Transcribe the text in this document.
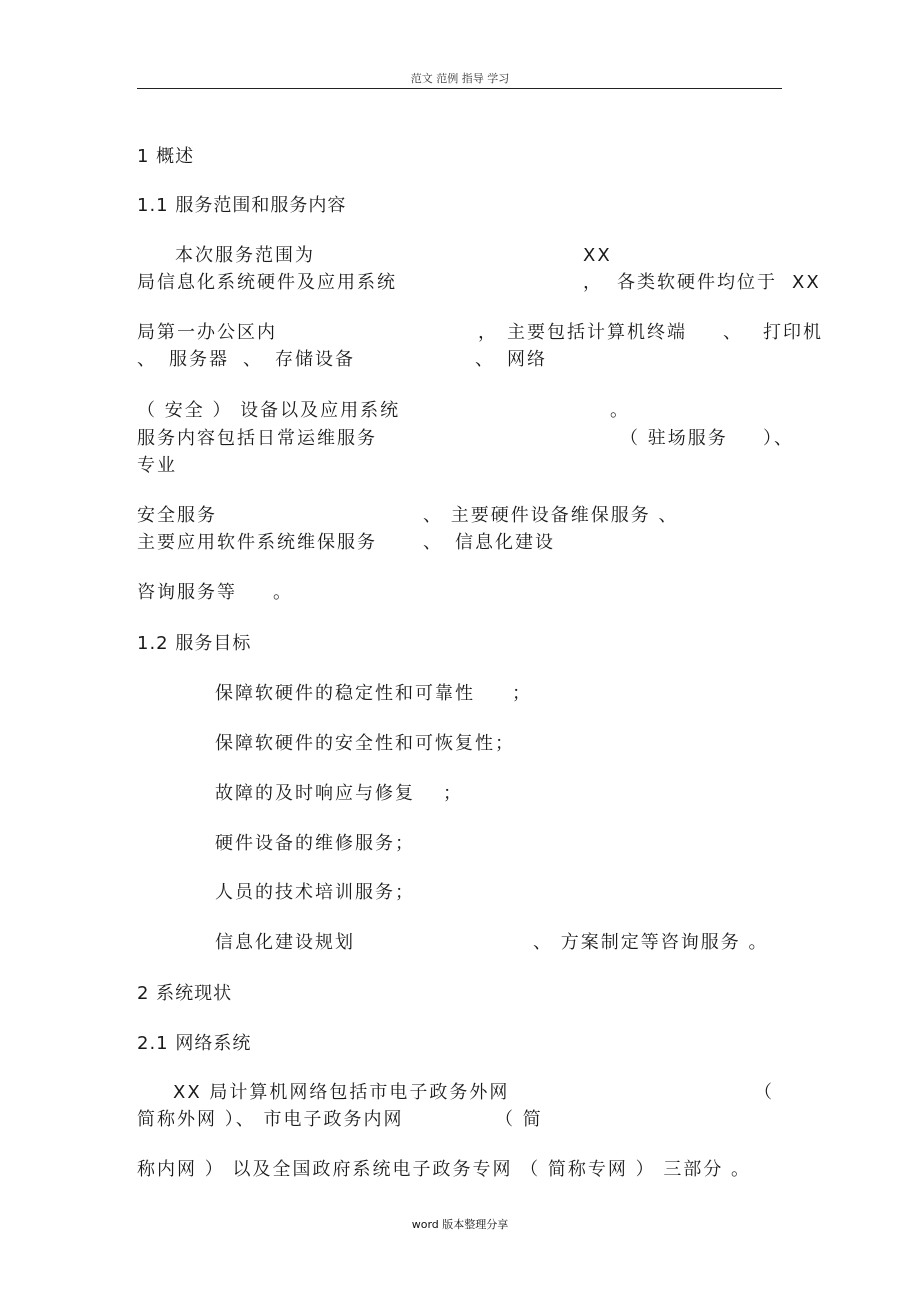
范文 范例 指导 学习
1 概述
1.1 服务范围和服务内容
本次服务范围为	XX
局信息化系统硬件及应用系统	， 各类软硬件均位于 XX
局第一办公区内	， 主要包括计算机终端 、 打印机
、 服务器 、 存储设备	、 网络
（ 安全 ） 设备以及应用系统	。
服务内容包括日常运维服务	（ 驻场服务 ）、
专业
安全服务	、 主要硬件设备维保服务 、
主要应用软件系统维保服务	、 信息化建设
咨询服务等 。
1.2 服务目标
保障软硬件的稳定性和可靠性 ；
保障软硬件的安全性和可恢复性；
故障的及时响应与修复 ；
硬件设备的维修服务；
人员的技术培训服务；
信息化建设规划	、 方案制定等咨询服务 。
2 系统现状
2.1 网络系统
XX 局计算机网络包括市电子政务外网	（
简称外网 ）、 市电子政务内网	（ 简
称内网 ） 以及全国政府系统电子政务专网 （ 简称专网 ） 三部分 。
word 版本整理分享
